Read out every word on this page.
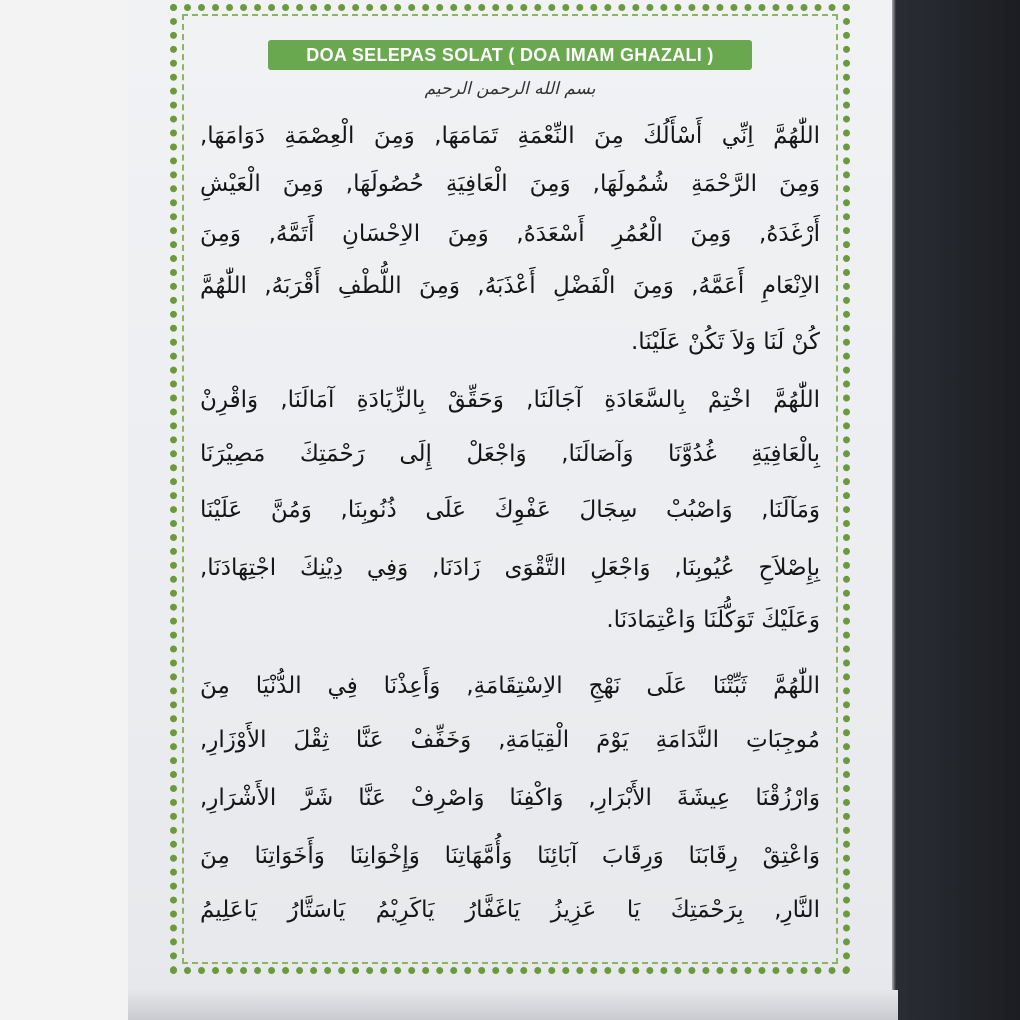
DOA SELEPAS SOLAT ( DOA IMAM GHAZALI )
بسم الله الرحمن الرحيم
اللّٰهُمَّ اِنِّي أَسْأَلُكَ مِنَ النِّعْمَةِ تَمَامَهَا, وَمِنَ الْعِصْمَةِ دَوَامَهَا,
وَمِنَ الرَّحْمَةِ شُمُولَهَا, وَمِنَ الْعَافِيَةِ حُصُولَهَا, وَمِنَ الْعَيْشِ
أَرْغَدَهُ, وَمِنَ الْعُمُرِ أَسْعَدَهُ, وَمِنَ الاِحْسَانِ أَتَمَّهُ, وَمِنَ
الاِنْعَامِ أَعَمَّهُ, وَمِنَ الْفَضْلِ أَعْذَبَهُ, وَمِنَ اللُّطْفِ أَقْرَبَهُ, اللّٰهُمَّ
كُنْ لَنَا وَلاَ تَكُنْ عَلَيْنَا.
اللّٰهُمَّ اخْتِمْ بِالسَّعَادَةِ آجَالَنَا, وَحَقِّقْ بِالزِّيَادَةِ آمَالَنَا, وَاقْرِنْ
بِالْعَافِيَةِ غُدُوَّنَا وَآصَالَنَا, وَاجْعَلْ إِلَى رَحْمَتِكَ مَصِيْرَنَا
وَمَآلَنَا, وَاصْبُبْ سِجَالَ عَفْوِكَ عَلَى ذُنُوبِنَا, وَمُنَّ عَلَيْنَا
بِإِصْلاَحِ عُيُوبِنَا, وَاجْعَلِ التَّقْوَى زَادَنَا, وَفِي دِيْنِكَ اجْتِهَادَنَا,
وَعَلَيْكَ تَوَكُّلَنَا وَاعْتِمَادَنَا.
اللّٰهُمَّ ثَبِّتْنَا عَلَى نَهْجِ الاِسْتِقَامَةِ, وَأَعِذْنَا فِي الدُّنْيَا مِنَ
مُوجِبَاتِ النَّدَامَةِ يَوْمَ الْقِيَامَةِ, وَخَفِّفْ عَنَّا ثِقْلَ الأَوْزَارِ,
وَارْزُقْنَا عِيشَةَ الأَبْرَارِ, وَاكْفِنَا وَاصْرِفْ عَنَّا شَرَّ الأَشْرَارِ,
وَاعْتِقْ رِقَابَنَا وَرِقَابَ آبَائِنَا وَأُمَّهَاتِنَا وَإِخْوَانِنَا وَأَخَوَاتِنَا مِنَ
النَّارِ, بِرَحْمَتِكَ يَا عَزِيزُ يَاغَفَّارُ يَاكَرِيْمُ يَاسَتَّارُ يَاعَلِيمُ
